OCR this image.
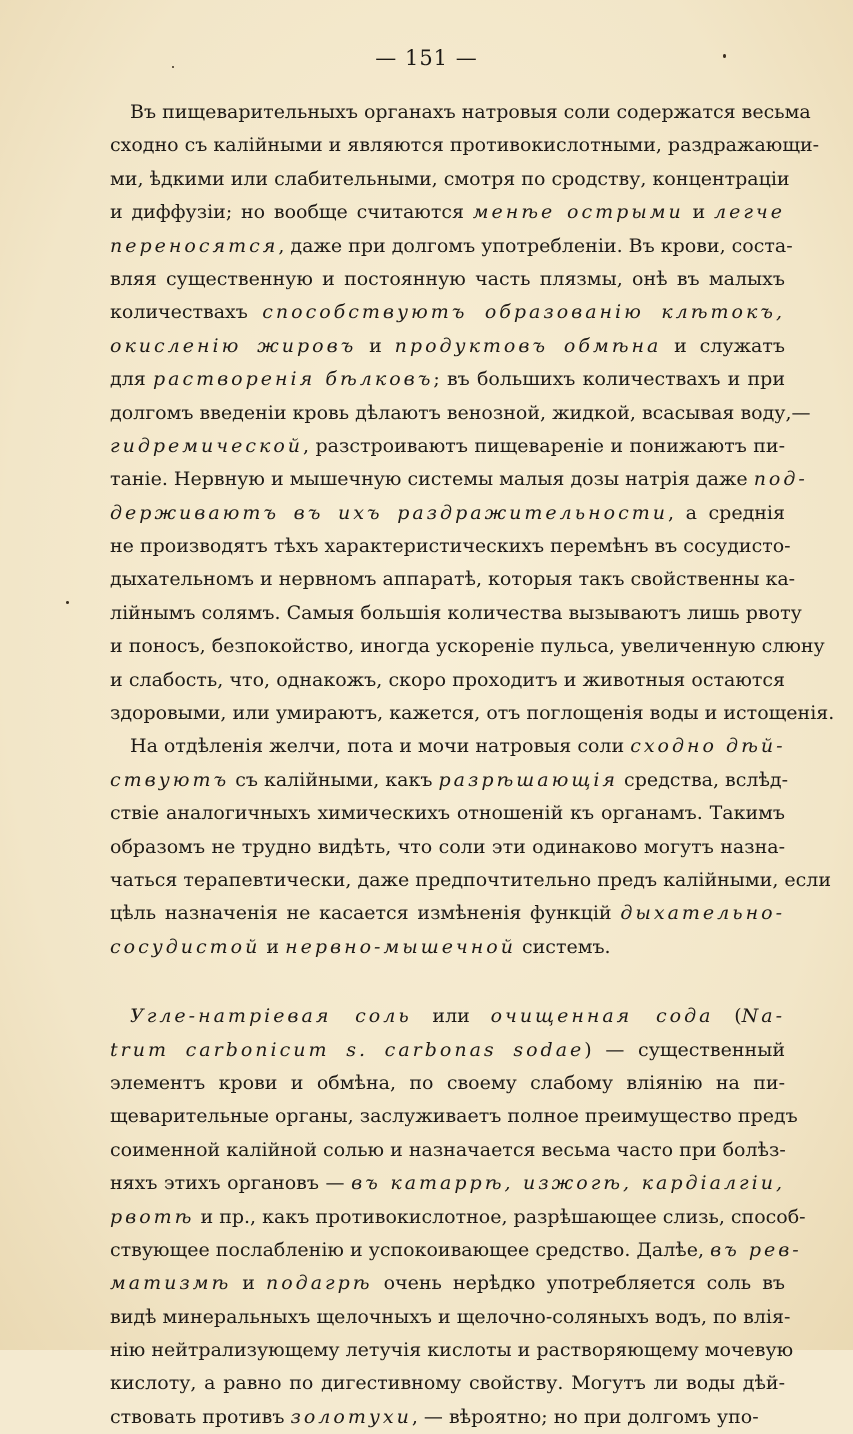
— 151 —
Въ пищеварительныхъ органахъ натровыя соли содержатся весьма
сходно съ калійными и являются противокислотными, раздражающи-
ми, ѣдкими или слабительными, смотря по сродству, концентраціи
и диффузіи; но вообще считаются менѣе острыми и легче
переносятся, даже при долгомъ употребленіи. Въ крови, соста-
вляя существенную и постоянную часть плязмы, онѣ въ малыхъ
количествахъ способствуютъ образованію клѣтокъ,
окисленію жировъ и продуктовъ обмѣна и служатъ
для растворенія бѣлковъ; въ большихъ количествахъ и при
долгомъ введеніи кровь дѣлаютъ венозной, жидкой, всасывая воду,—
гидремической, разстроиваютъ пищевареніе и понижаютъ пи-
таніе. Нервную и мышечную системы малыя дозы натрія даже под-
держиваютъ въ ихъ раздражительности, а среднія
не производятъ тѣхъ характеристическихъ перемѣнъ въ сосудисто-
дыхательномъ и нервномъ аппаратѣ, которыя такъ свойственны ка-
лійнымъ солямъ. Самыя большія количества вызываютъ лишь рвоту
и поносъ, безпокойство, иногда ускореніе пульса, увеличенную слюну
и слабость, что, однакожъ, скоро проходитъ и животныя остаются
здоровыми, или умираютъ, кажется, отъ поглощенія воды и истощенія.
На отдѣленія желчи, пота и мочи натровыя соли сходно дѣй-
ствуютъ съ калійными, какъ разрѣшающія средства, вслѣд-
ствіе аналогичныхъ химическихъ отношеній къ органамъ. Такимъ
образомъ не трудно видѣть, что соли эти одинаково могутъ назна-
чаться терапевтически, даже предпочтительно предъ калійными, если
цѣль назначенія не касается измѣненія функцій дыхательно-
сосудистой и нервно-мышечной системъ.
Угле-натріевая соль или очищенная сода (Na-
trum carbonicum s. carbonas sodae) — существенный
элементъ крови и обмѣна, по своему слабому вліянію на пи-
щеварительные органы, заслуживаетъ полное преимущество предъ
соименной калійной солью и назначается весьма часто при болѣз-
няхъ этихъ органовъ — въ катаррѣ, изжогѣ, кардіалгіи,
рвотѣ и пр., какъ противокислотное, разрѣшающее слизь, способ-
ствующее послабленію и успокоивающее средство. Далѣе, въ рев-
матизмѣ и подагрѣ очень нерѣдко употребляется соль въ
видѣ минеральныхъ щелочныхъ и щелочно-соляныхъ водъ, по влія-
нію нейтрализующему летучія кислоты и растворяющему мочевую
кислоту, а равно по дигестивному свойству. Могутъ ли воды дѣй-
ствовать противъ золотухи, — вѣроятно; но при долгомъ упо-
